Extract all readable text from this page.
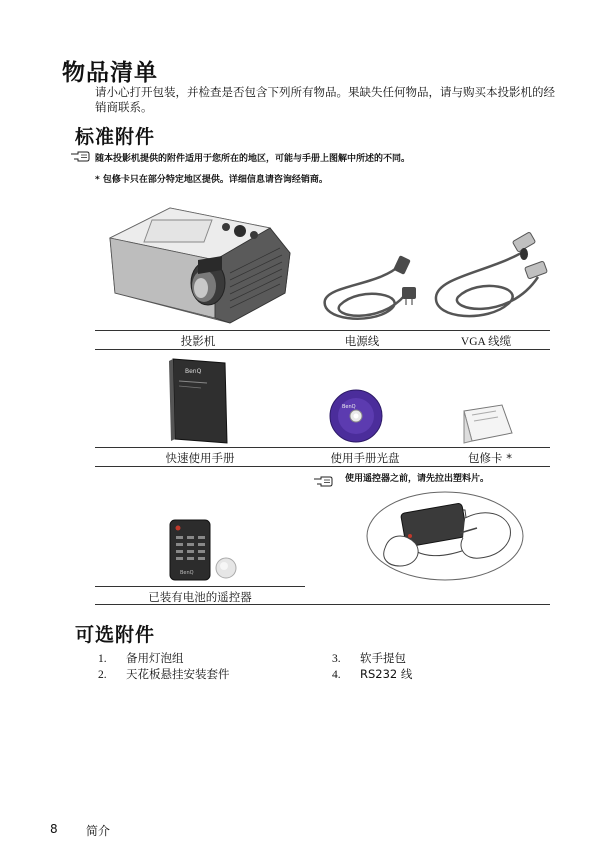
物品清单
请小心打开包装，并检查是否包含下列所有物品。果缺失任何物品，请与购买本投影机的经销商联系。
标准附件
随本投影机提供的附件适用于您所在的地区，可能与手册上图解中所述的不同。
* 包修卡只在部分特定地区提供。详细信息请咨询经销商。
投影机	电源线	VGA 线缆
BenQ
BenQ
快速使用手册	使用手册光盘	包修卡 *
使用遥控器之前，请先拉出塑料片。
BenQ
已装有电池的遥控器
可选附件
1. 备用灯泡组
2. 天花板悬挂安装套件
3. 软手提包
4. RS232 线
8 简介
